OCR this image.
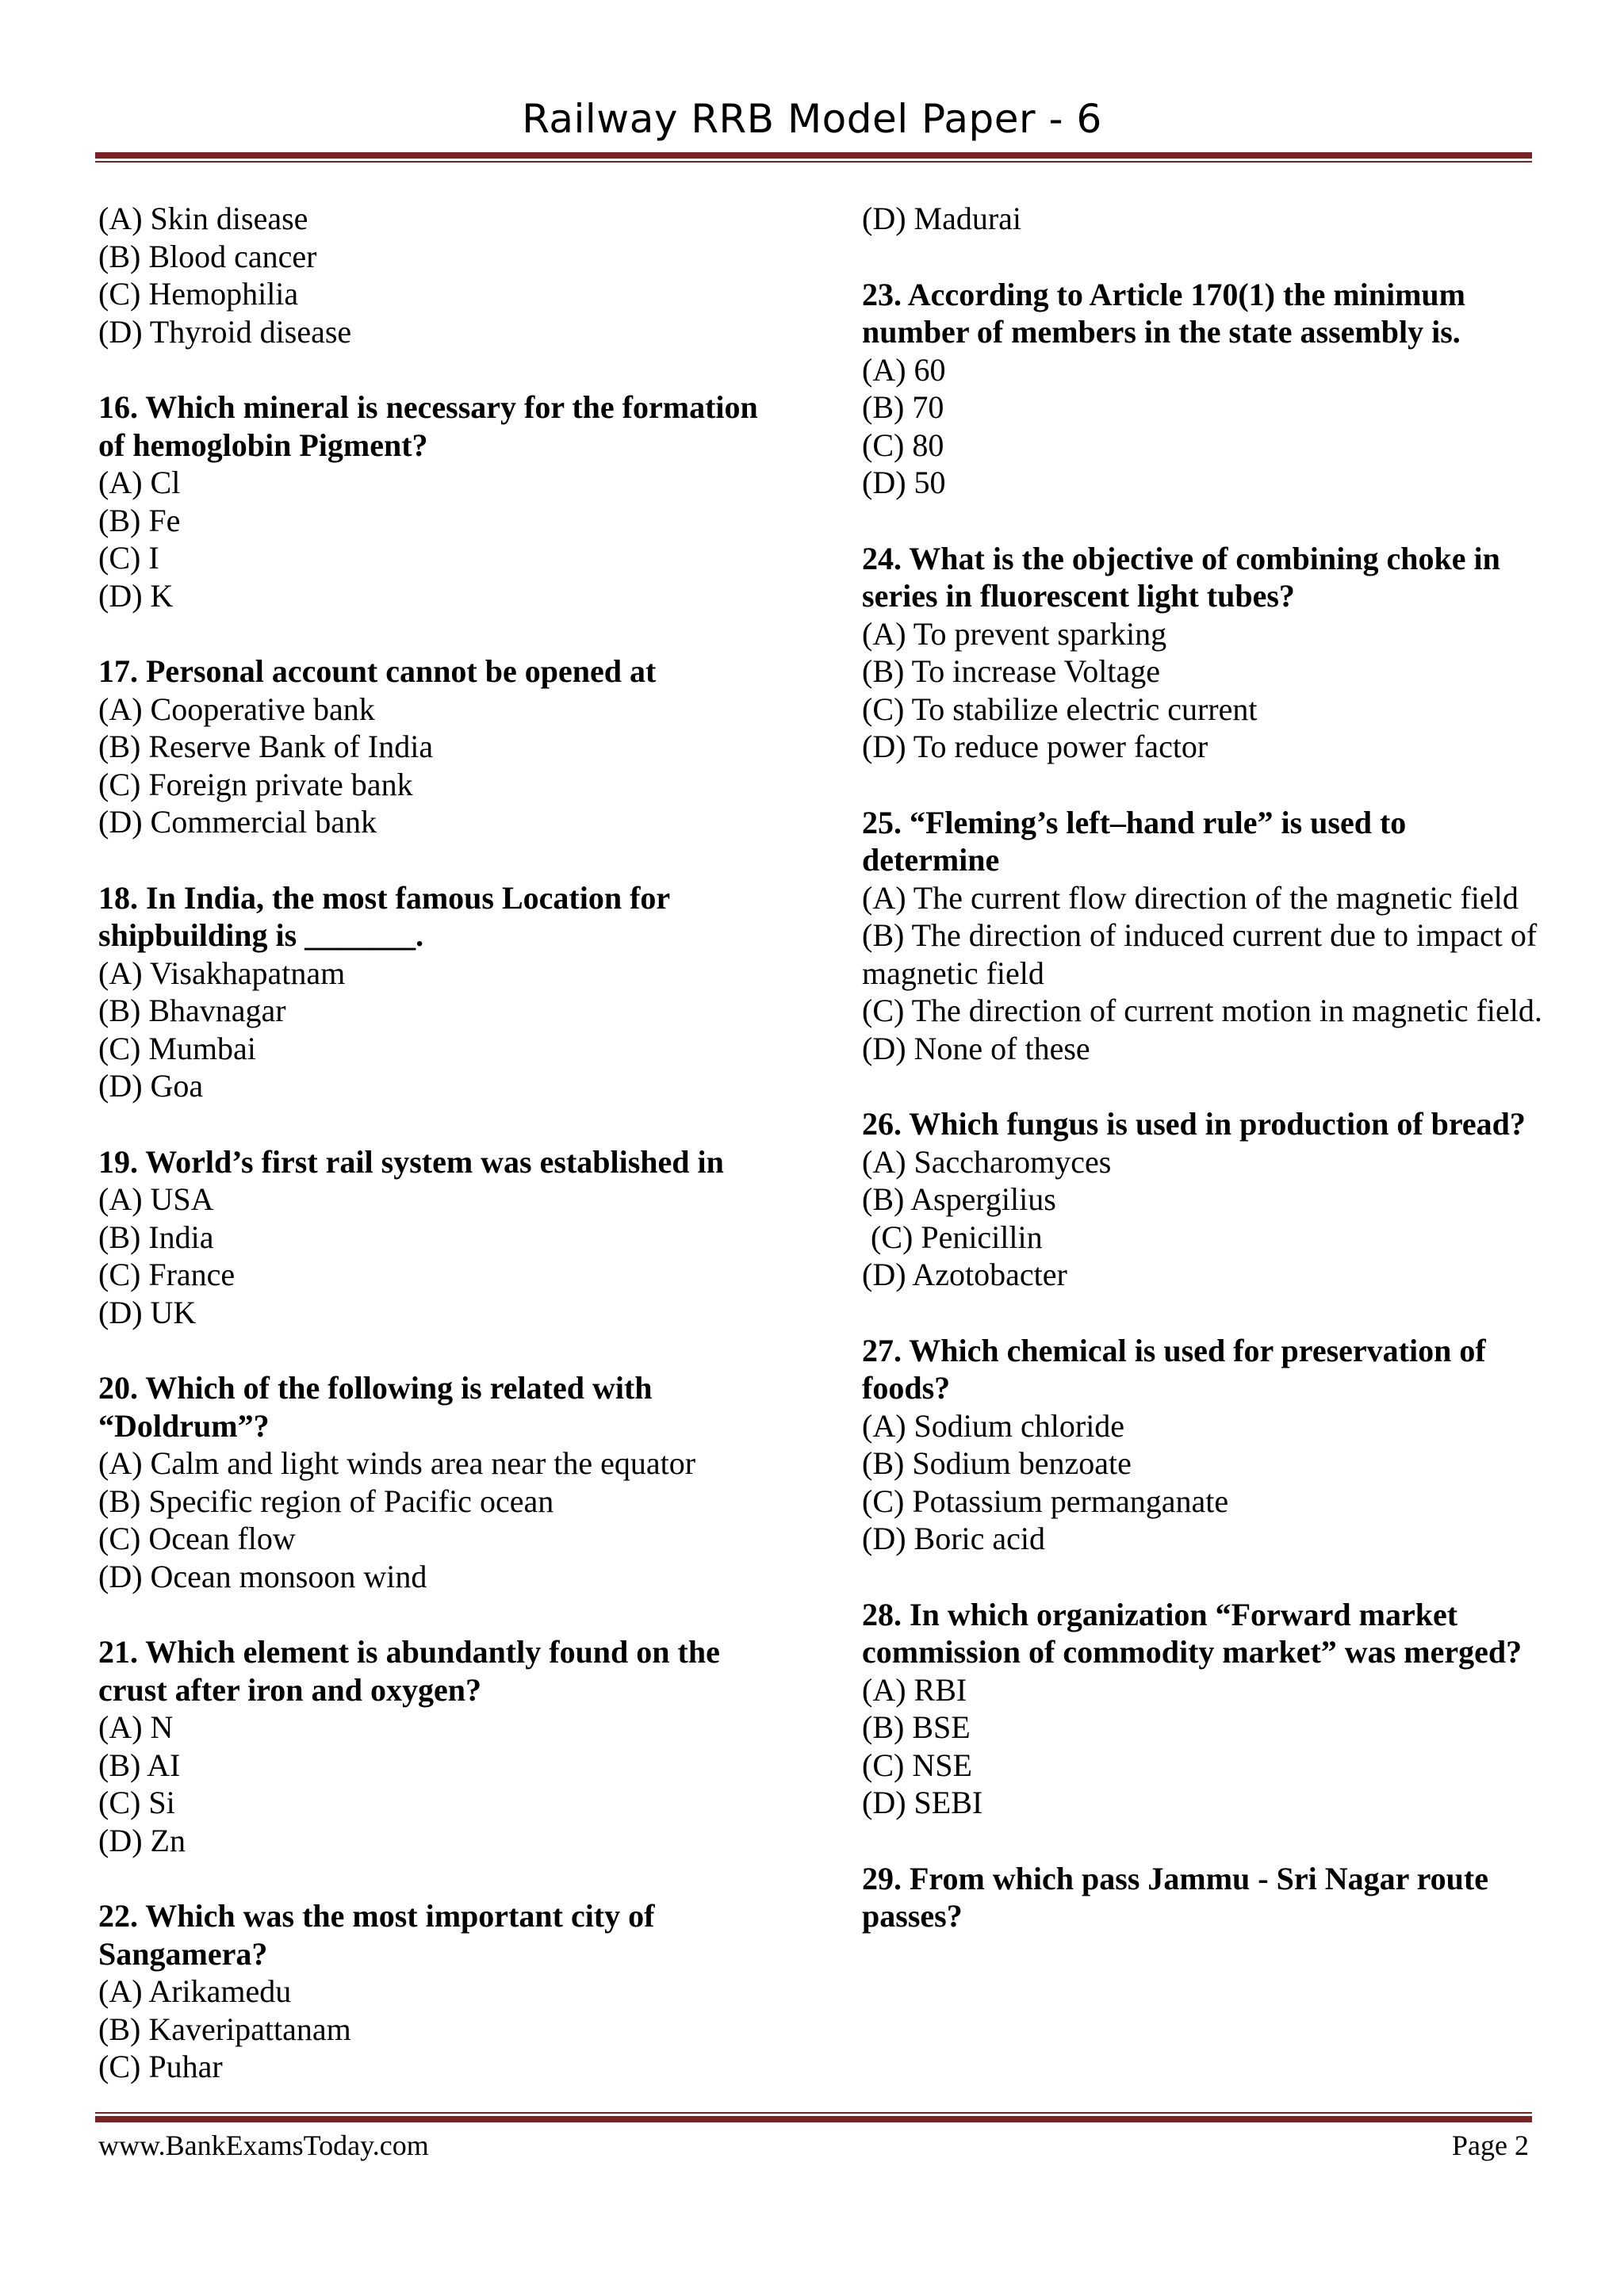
Railway RRB Model Paper - 6
(A) Skin disease
(B) Blood cancer
(C) Hemophilia
(D) Thyroid disease
16. Which mineral is necessary for the formation of hemoglobin Pigment?
(A) Cl
(B) Fe
(C) I
(D) K
17. Personal account cannot be opened at
(A) Cooperative bank
(B) Reserve Bank of India
(C) Foreign private bank
(D) Commercial bank
18. In India, the most famous Location for shipbuilding is _______.
(A) Visakhapatnam
(B) Bhavnagar
(C) Mumbai
(D) Goa
19. World’s first rail system was established in
(A) USA
(B) India
(C) France
(D) UK
20. Which of the following is related with “Doldrum”?
(A) Calm and light winds area near the equator
(B) Specific region of Pacific ocean
(C) Ocean flow
(D) Ocean monsoon wind
21. Which element is abundantly found on the crust after iron and oxygen?
(A) N
(B) AI
(C) Si
(D) Zn
22. Which was the most important city of Sangamera?
(A) Arikamedu
(B) Kaveripattanam
(C) Puhar
(D) Madurai
23. According to Article 170(1) the minimum number of members in the state assembly is.
(A) 60
(B) 70
(C) 80
(D) 50
24. What is the objective of combining choke in series in fluorescent light tubes?
(A) To prevent sparking
(B) To increase Voltage
(C) To stabilize electric current
(D) To reduce power factor
25. “Fleming’s left–hand rule” is used to determine
(A) The current flow direction of the magnetic field
(B) The direction of induced current due to impact of magnetic field
(C) The direction of current motion in magnetic field.
(D) None of these
26. Which fungus is used in production of bread?
(A) Saccharomyces
(B) Aspergilius
(C) Penicillin
(D) Azotobacter
27. Which chemical is used for preservation of foods?
(A) Sodium chloride
(B) Sodium benzoate
(C) Potassium permanganate
(D) Boric acid
28. In which organization “Forward market commission of commodity market” was merged?
(A) RBI
(B) BSE
(C) NSE
(D) SEBI
29. From which pass Jammu - Sri Nagar route passes?
www.BankExamsToday.com	Page 2
